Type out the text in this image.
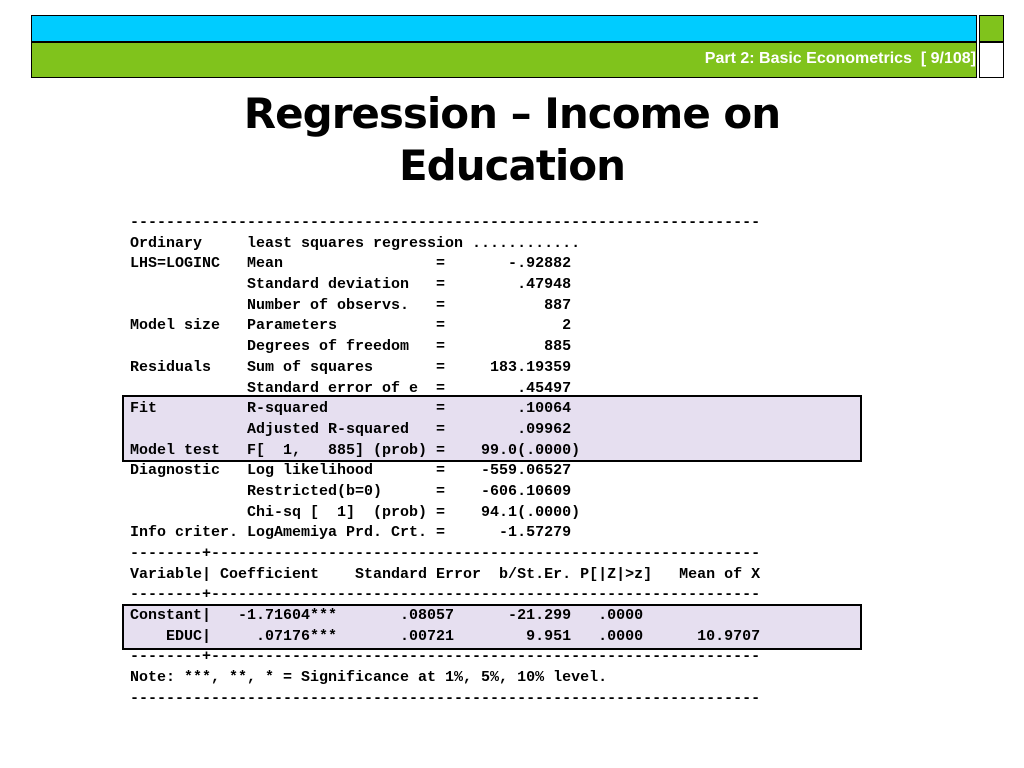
Part 2: Basic Econometrics  [ 9/108]
Regression – Income on
Education
----------------------------------------------------------------------
Ordinary     least squares regression ............
LHS=LOGINC   Mean                 =       -.92882
Standard deviation   =        .47948
Number of observs.   =           887
Model size   Parameters           =             2
Degrees of freedom   =           885
Residuals    Sum of squares       =     183.19359
Standard error of e  =        .45497
Fit          R-squared            =        .10064
Adjusted R-squared   =        .09962
Model test   F[  1,   885] (prob) =    99.0(.0000)
Diagnostic   Log likelihood       =    -559.06527
Restricted(b=0)      =    -606.10609
Chi-sq [  1]  (prob) =    94.1(.0000)
Info criter. LogAmemiya Prd. Crt. =      -1.57279
--------+-------------------------------------------------------------
Variable| Coefficient    Standard Error  b/St.Er. P[|Z|>z]   Mean of X
--------+-------------------------------------------------------------
Constant|   -1.71604***       .08057      -21.299   .0000
EDUC|     .07176***       .00721        9.951   .0000      10.9707
--------+-------------------------------------------------------------
Note: ***, **, * = Significance at 1%, 5%, 10% level.
----------------------------------------------------------------------
